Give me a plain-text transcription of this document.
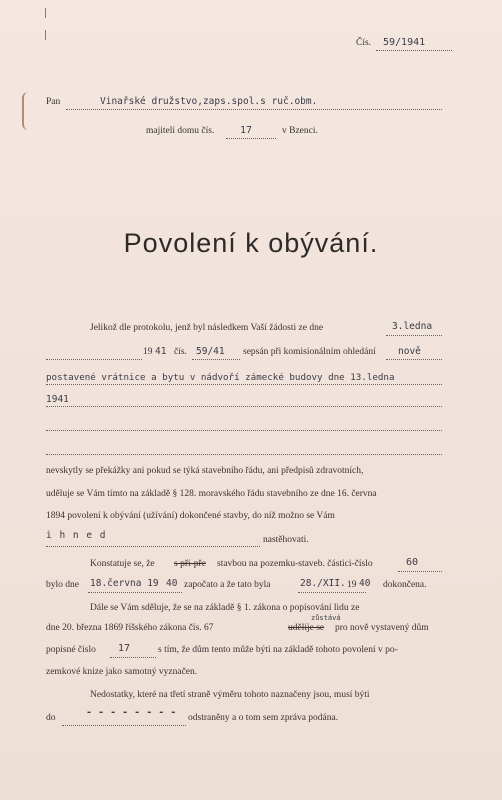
Čís. 59/1941
Pan	Vinařské družstvo,zaps.spol.s ruč.obm.
majiteli domu čís.	17	v Bzenci.
Povolení k obývání.
Jelikož dle protokolu, jenž byl následkem Vaší žádosti ze dne	3.ledna
19 41 čís. 59/41 sepsán při komisionálním ohledání nově
postavené vrátnice a bytu v nádvoří zámecké budovy dne 13.ledna
1941
nevskytly se překážky ani pokud se týká stavebního řádu, ani předpisů zdravotních,
uděluje se Vám tímto na základě § 128. moravského řádu stavebního ze dne 16. června
1894 povolení k obývání (užívání) dokončené stavby, do níž možno se Vám
i h n e d	nastěhovati.
Konstatuje se, že s při-pře stavbou na pozemku-staveb. částici-číslo	60
bylo dne 18.června 19 40 započato a že tato byla	28./XII. 19 40 dokončena.
Dále se Vám sděluje, že se na základě § 1. zákona o popisování lidu ze
zůstává
dne 20. března 1869 říšského zákona čís. 67	udělíje se pro nově vystavený dům
popisné číslo 17	s tím, že dům tento může býti na základě tohoto povolení v po-
zemkové knize jako samotný vyznačen.
Nedostatky, které na třetí straně výměru tohoto naznačeny jsou, musí býti
do	- - - - - - - - odstraněny a o tom sem zpráva podána.
